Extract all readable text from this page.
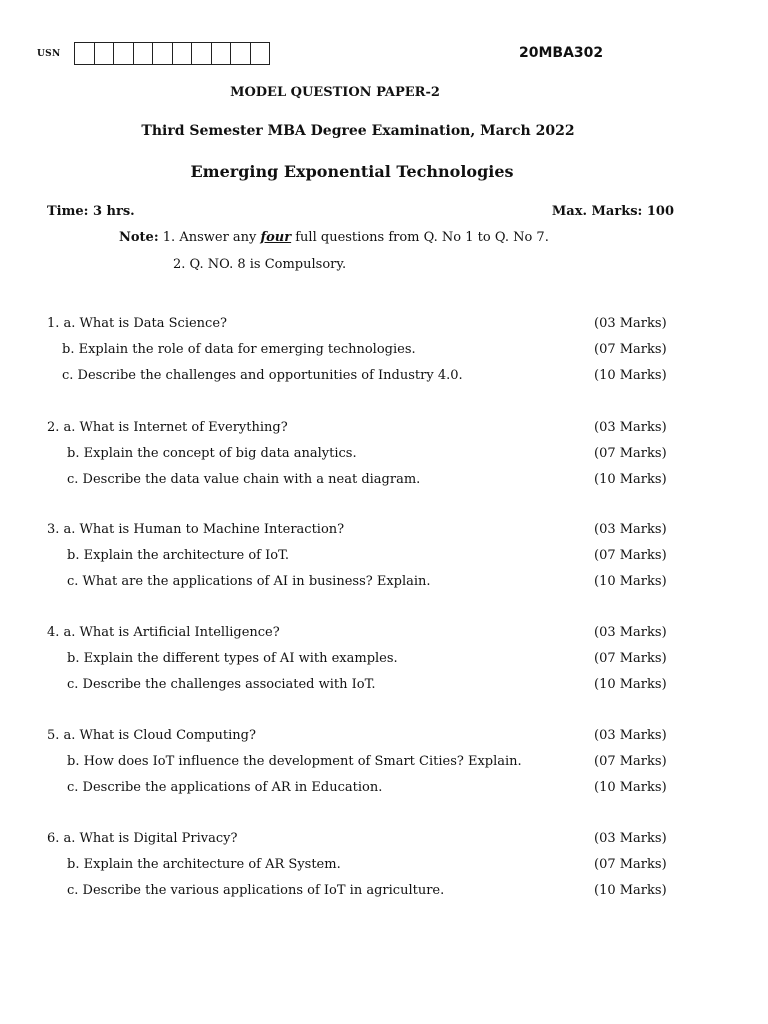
USN	20MBA302
MODEL QUESTION PAPER-2
Third Semester MBA Degree Examination, March 2022
Emerging Exponential Technologies
Time: 3 hrs.	Max. Marks: 100
Note: 1. Answer any four full questions from Q. No 1 to Q. No 7.
2. Q. NO. 8 is Compulsory.
1. a. What is Data Science?	(03 Marks)
b. Explain the role of data for emerging technologies.	(07 Marks)
c. Describe the challenges and opportunities of Industry 4.0.	(10 Marks)
2. a. What is Internet of Everything?	(03 Marks)
b. Explain the concept of big data analytics.	(07 Marks)
c. Describe the data value chain with a neat diagram.	(10 Marks)
3. a. What is Human to Machine Interaction?	(03 Marks)
b. Explain the architecture of IoT.	(07 Marks)
c. What are the applications of AI in business? Explain.	(10 Marks)
4. a. What is Artificial Intelligence?	(03 Marks)
b. Explain the different types of AI with examples.	(07 Marks)
c. Describe the challenges associated with IoT.	(10 Marks)
5. a. What is Cloud Computing?	(03 Marks)
b. How does IoT influence the development of Smart Cities? Explain.	(07 Marks)
c. Describe the applications of AR in Education.	(10 Marks)
6. a. What is Digital Privacy?	(03 Marks)
b. Explain the architecture of AR System.	(07 Marks)
c. Describe the various applications of IoT in agriculture.	(10 Marks)
